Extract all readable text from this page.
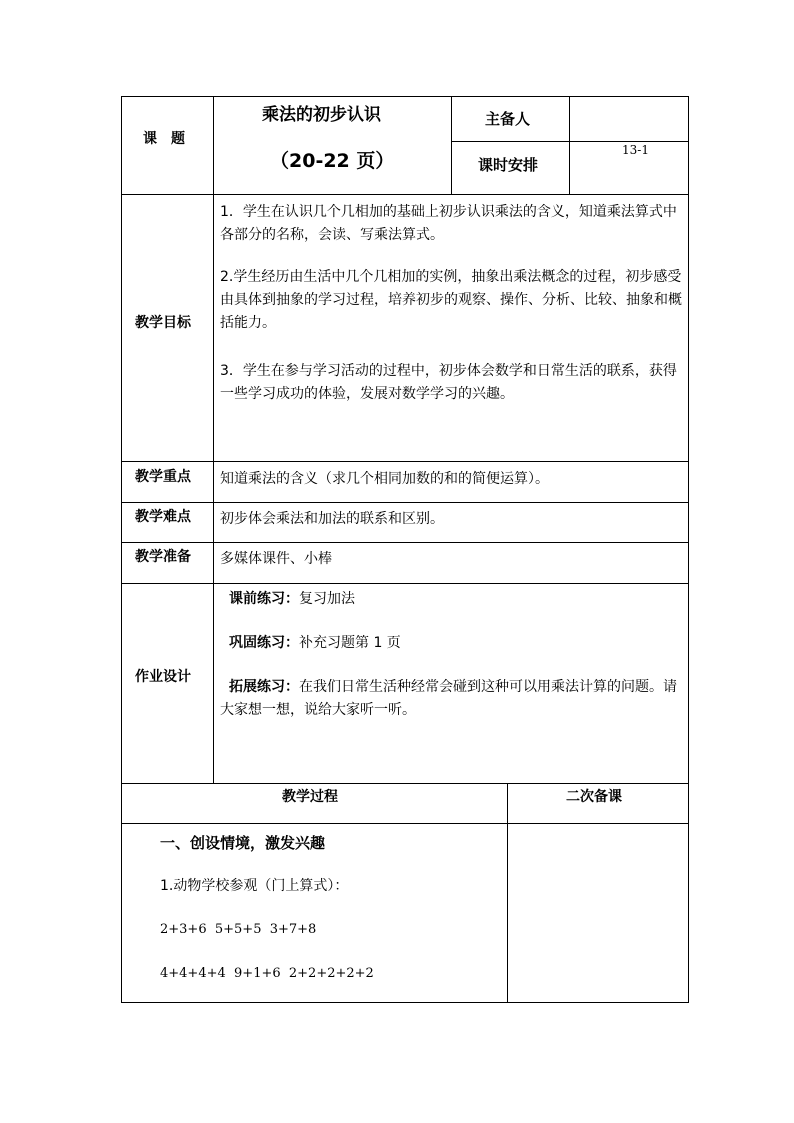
课　题
乘法的初步认识
（20-22 页）
主备人
课时安排
13-1
教学目标
1．学生在认识几个几相加的基础上初步认识乘法的含义，知道乘法算式中各部分的名称，会读、写乘法算式。
2.学生经历由生活中几个几相加的实例，抽象出乘法概念的过程，初步感受由具体到抽象的学习过程，培养初步的观察、操作、分析、比较、抽象和概括能力。
3．学生在参与学习活动的过程中，初步体会数学和日常生活的联系，获得一些学习成功的体验，发展对数学学习的兴趣。
教学重点 知道乘法的含义（求几个相同加数的和的简便运算）。
教学难点 初步体会乘法和加法的联系和区别。
教学准备 多媒体课件、小棒
作业设计
课前练习：复习加法
巩固练习：补充习题第 1 页
拓展练习：在我们日常生活种经常会碰到这种可以用乘法计算的问题。请大家想一想，说给大家听一听。
教学过程	二次备课
一、创设情境，激发兴趣
1.动物学校参观（门上算式）：
2+3+6  5+5+5  3+7+8
4+4+4+4  9+1+6  2+2+2+2+2
